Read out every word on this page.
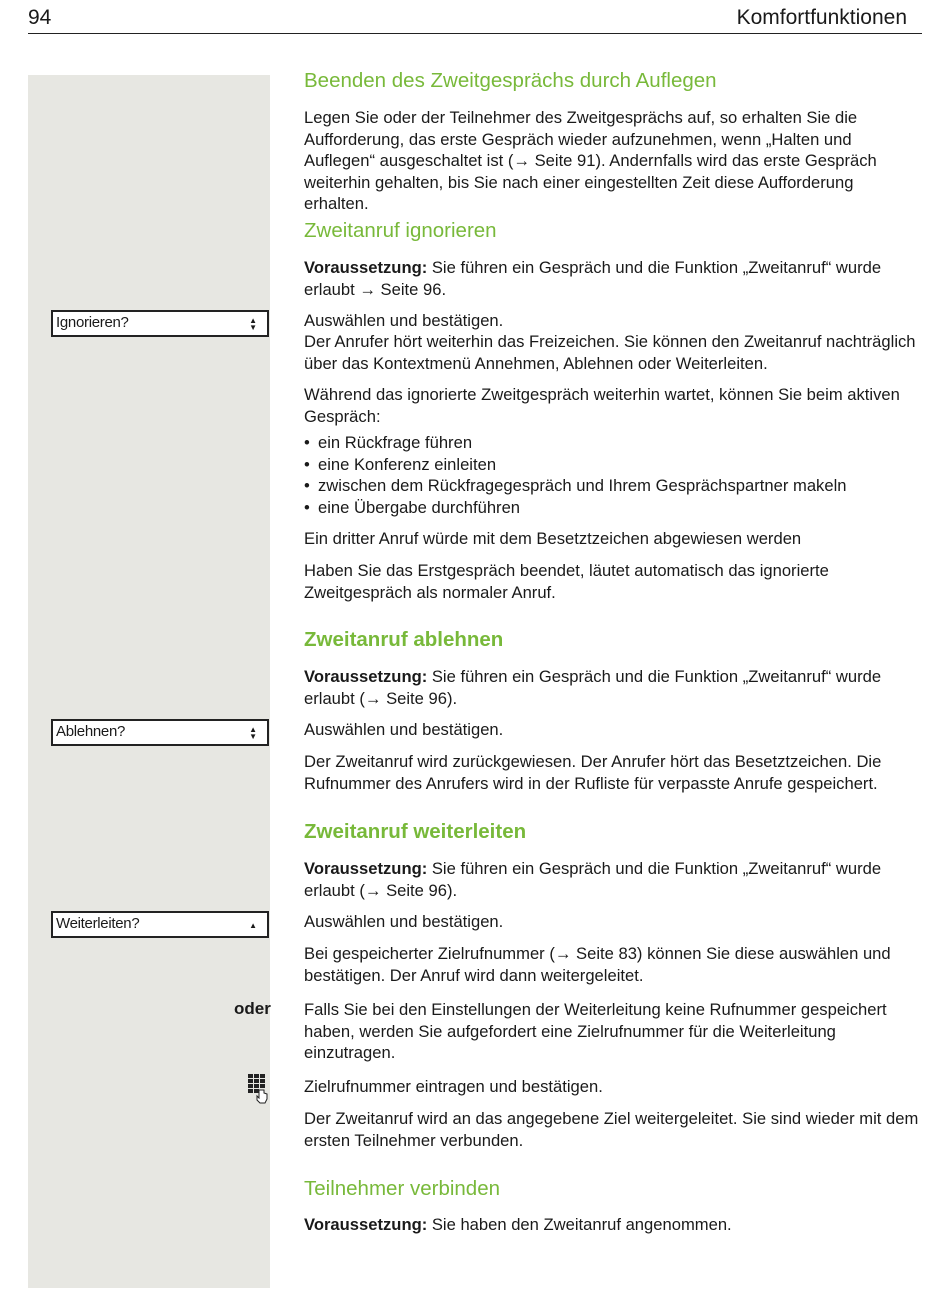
94	Komfortfunktionen
Ignorieren?	▲
▼
Ablehnen?	▲
▼
Weiterleiten?	▲
oder
Beenden des Zweitgesprächs durch Auflegen

Legen Sie oder der Teilnehmer des Zweitgesprächs auf, so erhalten Sie die Aufforderung, das erste Gespräch wieder aufzunehmen, wenn „Halten und Auflegen“ ausgeschaltet ist (→ Seite 91). Andernfalls wird das erste Gespräch weiterhin gehalten, bis Sie nach einer eingestellten Zeit diese Aufforderung erhalten.

Zweitanruf ignorieren

Voraussetzung: Sie führen ein Gespräch und die Funktion „Zweitanruf“ wurde erlaubt → Seite 96.

Auswählen und bestätigen.

Der Anrufer hört weiterhin das Freizeichen. Sie können den Zweitanruf nachträglich über das Kontextmenü Annehmen, Ablehnen oder Weiterleiten.

Während das ignorierte Zweitgespräch weiterhin wartet, können Sie beim aktiven Gespräch:

• ein Rückfrage führen
• eine Konferenz einleiten
• zwischen dem Rückfragegespräch und Ihrem Gesprächspartner makeln
• eine Übergabe durchführen

Ein dritter Anruf würde mit dem Besetztzeichen abgewiesen werden

Haben Sie das Erstgespräch beendet, läutet automatisch das ignorierte Zweitgespräch als normaler Anruf.

Zweitanruf ablehnen

Voraussetzung: Sie führen ein Gespräch und die Funktion „Zweitanruf“ wurde erlaubt (→ Seite 96).

Auswählen und bestätigen.

Der Zweitanruf wird zurückgewiesen. Der Anrufer hört das Besetztzeichen. Die Rufnummer des Anrufers wird in der Rufliste für verpasste Anrufe gespeichert.

Zweitanruf weiterleiten

Voraussetzung: Sie führen ein Gespräch und die Funktion „Zweitanruf“ wurde erlaubt (→ Seite 96).

Auswählen und bestätigen.

Bei gespeicherter Zielrufnummer (→ Seite 83) können Sie diese auswählen und bestätigen. Der Anruf wird dann weitergeleitet.

Falls Sie bei den Einstellungen der Weiterleitung keine Rufnummer gespeichert haben, werden Sie aufgefordert eine Zielrufnummer für die Weiterleitung einzutragen.

Zielrufnummer eintragen und bestätigen.

Der Zweitanruf wird an das angegebene Ziel weitergeleitet. Sie sind wieder mit dem ersten Teilnehmer verbunden.

Teilnehmer verbinden

Voraussetzung: Sie haben den Zweitanruf angenommen.
